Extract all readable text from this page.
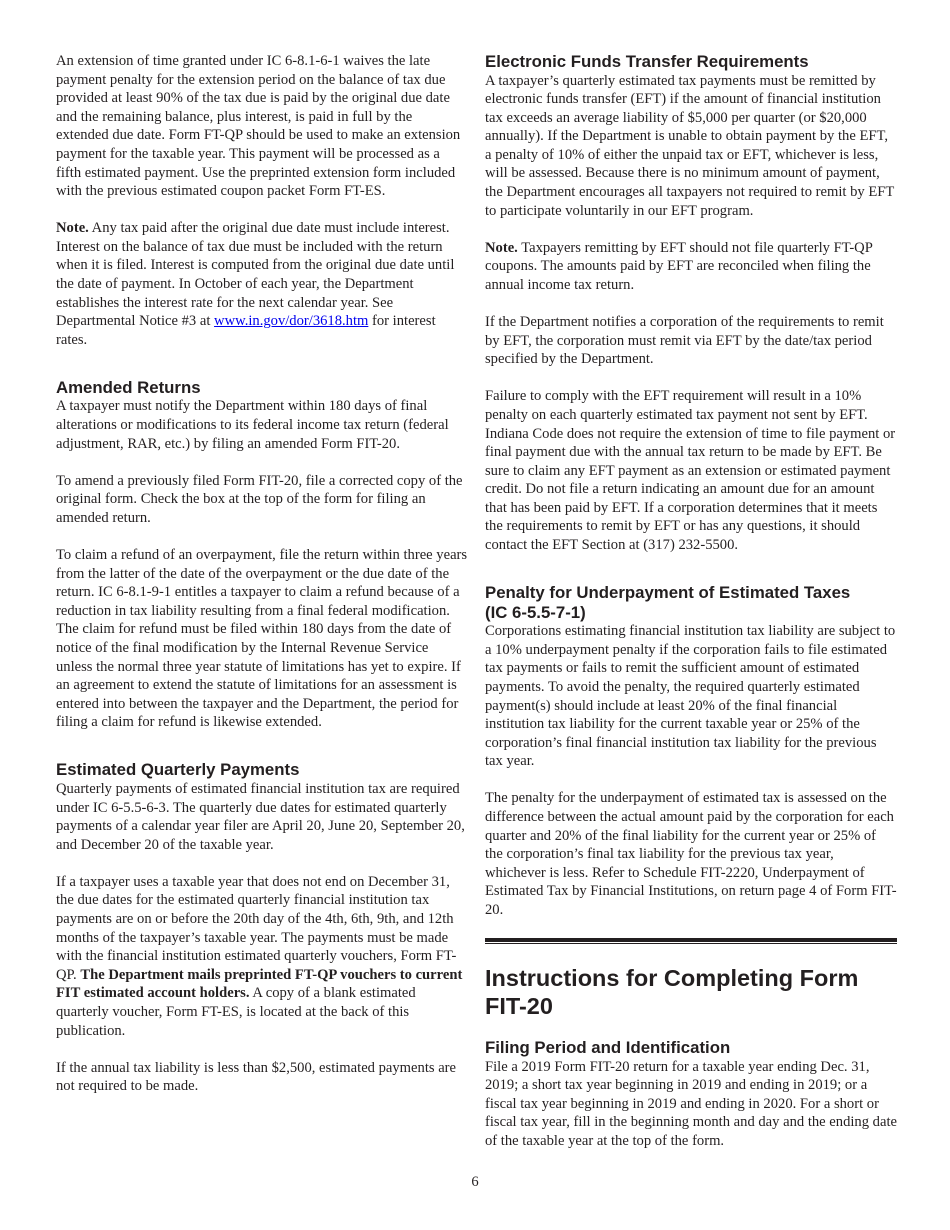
An extension of time granted under IC 6-8.1-6-1 waives the late payment penalty for the extension period on the balance of tax due provided at least 90% of the tax due is paid by the original due date and the remaining balance, plus interest, is paid in full by the extended due date. Form FT-QP should be used to make an extension payment for the taxable year. This payment will be processed as a fifth estimated payment. Use the preprinted extension form included with the previous estimated coupon packet Form FT-ES.

Note. Any tax paid after the original due date must include interest. Interest on the balance of tax due must be included with the return when it is filed. Interest is computed from the original due date until the date of payment. In October of each year, the Department establishes the interest rate for the next calendar year. See Departmental Notice #3 at www.in.gov/dor/3618.htm for interest rates.

Amended Returns

A taxpayer must notify the Department within 180 days of final alterations or modifications to its federal income tax return (federal adjustment, RAR, etc.) by filing an amended Form FIT-20.

To amend a previously filed Form FIT-20, file a corrected copy of the original form. Check the box at the top of the form for filing an amended return.

To claim a refund of an overpayment, file the return within three years from the latter of the date of the overpayment or the due date of the return. IC 6-8.1-9-1 entitles a taxpayer to claim a refund because of a reduction in tax liability resulting from a final federal modification. The claim for refund must be filed within 180 days from the date of notice of the final modification by the Internal Revenue Service unless the normal three year statute of limitations has yet to expire. If an agreement to extend the statute of limitations for an assessment is entered into between the taxpayer and the Department, the period for filing a claim for refund is likewise extended.

Estimated Quarterly Payments

Quarterly payments of estimated financial institution tax are required under IC 6-5.5-6-3. The quarterly due dates for estimated quarterly payments of a calendar year filer are April 20, June 20, September 20, and December 20 of the taxable year.

If a taxpayer uses a taxable year that does not end on December 31, the due dates for the estimated quarterly financial institution tax payments are on or before the 20th day of the 4th, 6th, 9th, and 12th months of the taxpayer’s taxable year. The payments must be made with the financial institution estimated quarterly vouchers, Form FT-QP. The Department mails preprinted FT-QP vouchers to current FIT estimated account holders. A copy of a blank estimated quarterly voucher, Form FT-ES, is located at the back of this publication.

If the annual tax liability is less than $2,500, estimated payments are not required to be made.

Electronic Funds Transfer Requirements

A taxpayer’s quarterly estimated tax payments must be remitted by electronic funds transfer (EFT) if the amount of financial institution tax exceeds an average liability of $5,000 per quarter (or $20,000 annually). If the Department is unable to obtain payment by the EFT, a penalty of 10% of either the unpaid tax or EFT, whichever is less, will be assessed. Because there is no minimum amount of payment, the Department encourages all taxpayers not required to remit by EFT to participate voluntarily in our EFT program.

Note. Taxpayers remitting by EFT should not file quarterly FT-QP coupons. The amounts paid by EFT are reconciled when filing the annual income tax return.

If the Department notifies a corporation of the requirements to remit by EFT, the corporation must remit via EFT by the date/tax period specified by the Department.

Failure to comply with the EFT requirement will result in a 10% penalty on each quarterly estimated tax payment not sent by EFT. Indiana Code does not require the extension of time to file payment or final payment due with the annual tax return to be made by EFT. Be sure to claim any EFT payment as an extension or estimated payment credit. Do not file a return indicating an amount due for an amount that has been paid by EFT. If a corporation determines that it meets the requirements to remit by EFT or has any questions, it should contact the EFT Section at (317) 232-5500.

Penalty for Underpayment of Estimated Taxes
(IC 6-5.5-7-1)

Corporations estimating financial institution tax liability are subject to a 10% underpayment penalty if the corporation fails to file estimated tax payments or fails to remit the sufficient amount of estimated payments. To avoid the penalty, the required quarterly estimated payment(s) should include at least 20% of the final financial institution tax liability for the current taxable year or 25% of the corporation’s final financial institution tax liability for the previous tax year.

The penalty for the underpayment of estimated tax is assessed on the difference between the actual amount paid by the corporation for each quarter and 20% of the final liability for the current year or 25% of the corporation’s final tax liability for the previous tax year, whichever is less. Refer to Schedule FIT-2220, Underpayment of Estimated Tax by Financial Institutions, on return page 4 of Form FIT-20.

Instructions for Completing Form
FIT-20
Filing Period and Identification

File a 2019 Form FIT-20 return for a taxable year ending Dec. 31, 2019; a short tax year beginning in 2019 and ending in 2019; or a fiscal tax year beginning in 2019 and ending in 2020. For a short or fiscal tax year, fill in the beginning month and day and the ending date of the taxable year at the top of the form.

6
